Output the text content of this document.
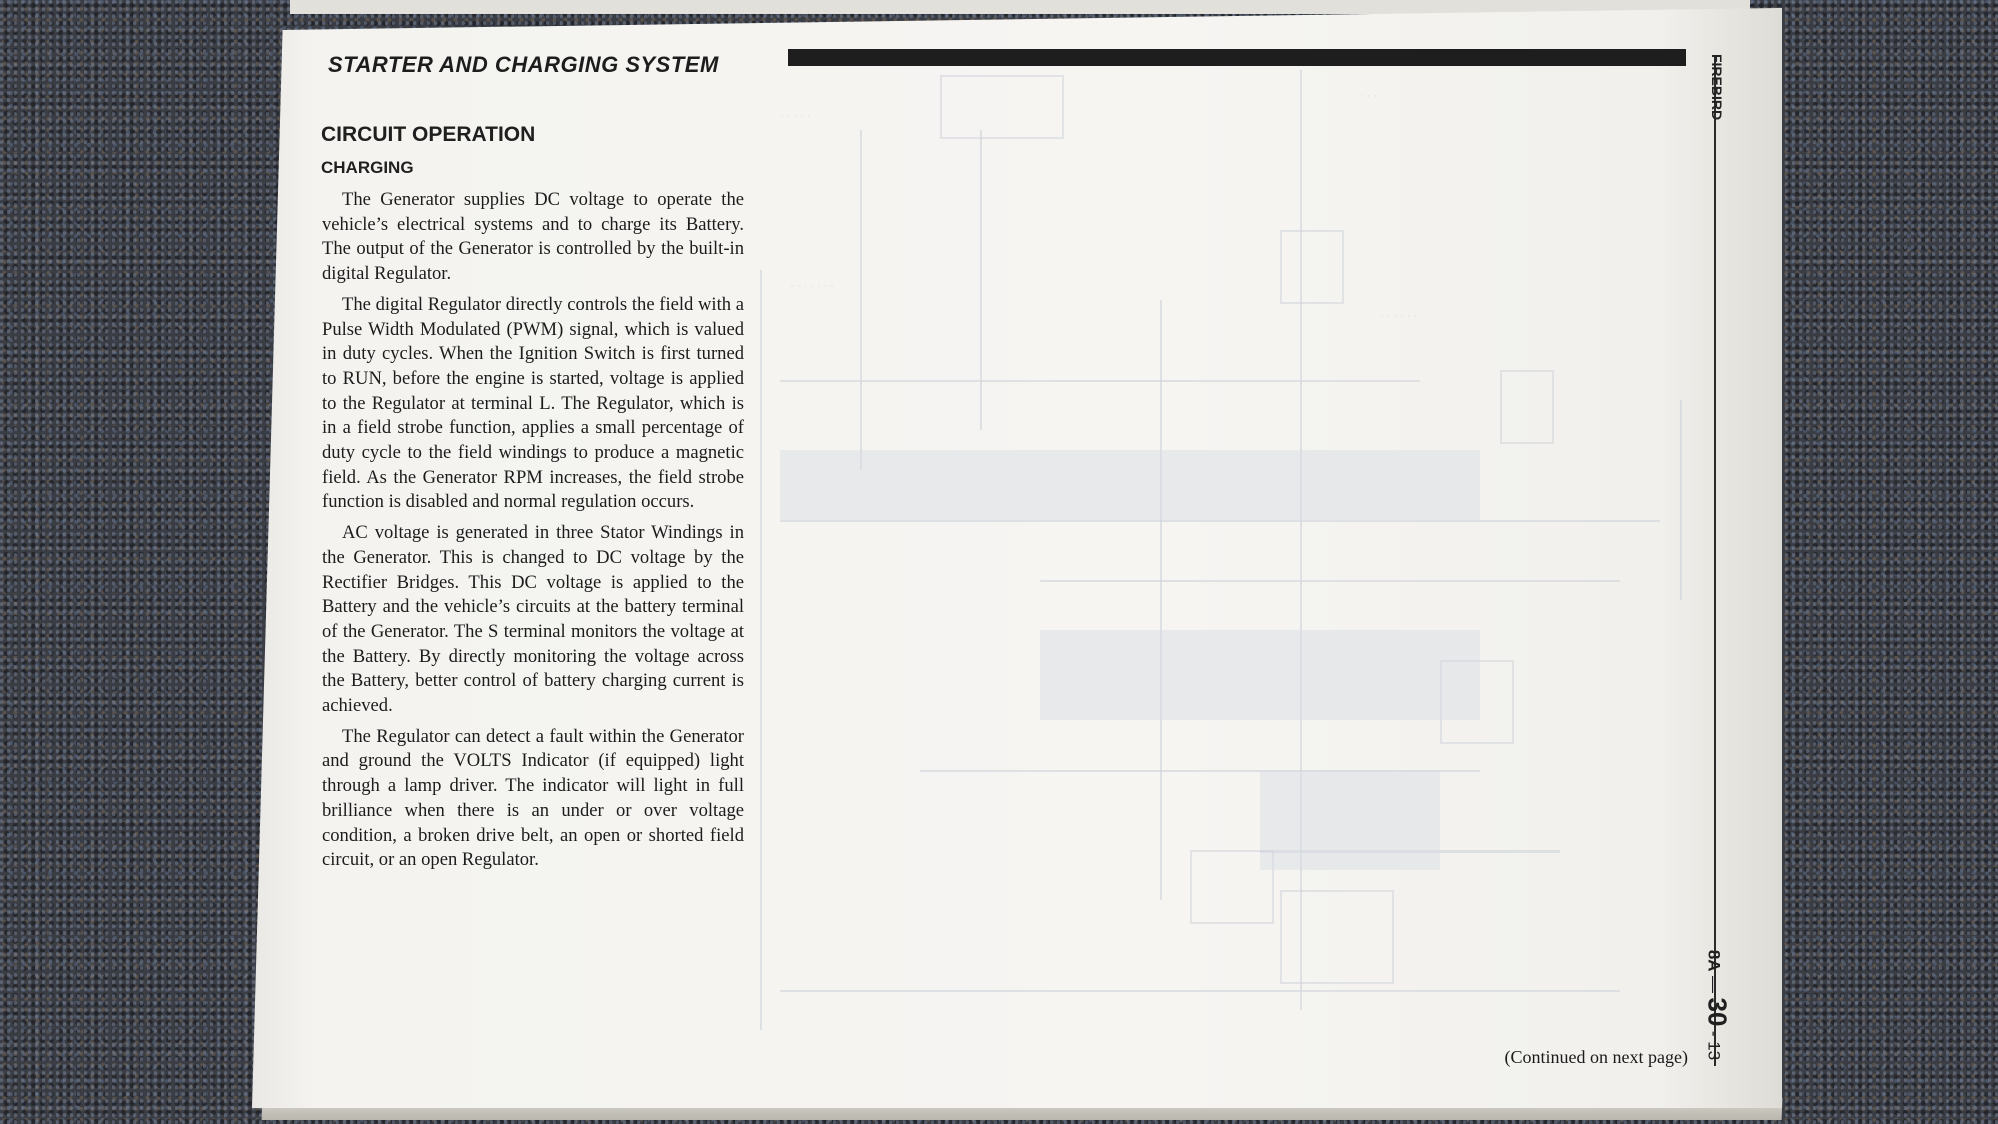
· · · · ·
· · · · · · ·
· · · ·
· · · · · ·
STARTER AND CHARGING SYSTEM	FIREBIRD
8A — 30 - 13
CIRCUIT OPERATION
CHARGING

The Generator supplies DC voltage to operate the vehicle’s electrical systems and to charge its Battery. The output of the Generator is controlled by the built-in digital Regulator.

The digital Regulator directly controls the field with a Pulse Width Modulated (PWM) signal, which is valued in duty cycles. When the Ignition Switch is first turned to RUN, before the engine is started, voltage is applied to the Regulator at terminal L. The Regulator, which is in a field strobe function, applies a small percentage of duty cycle to the field windings to produce a magnetic field. As the Generator RPM increases, the field strobe function is disabled and normal regulation occurs.

AC voltage is generated in three Stator Windings in the Generator. This is changed to DC voltage by the Rectifier Bridges. This DC voltage is applied to the Battery and the vehicle’s circuits at the battery terminal of the Generator. The S terminal monitors the voltage at the Battery. By directly monitoring the voltage across the Battery, better control of battery charging current is achieved.

The Regulator can detect a fault within the Generator and ground the VOLTS Indicator (if equipped) light through a lamp driver. The indicator will light in full brilliance when there is an under or over voltage condition, a broken drive belt, an open or shorted field circuit, or an open Regulator.

(Continued on next page)
